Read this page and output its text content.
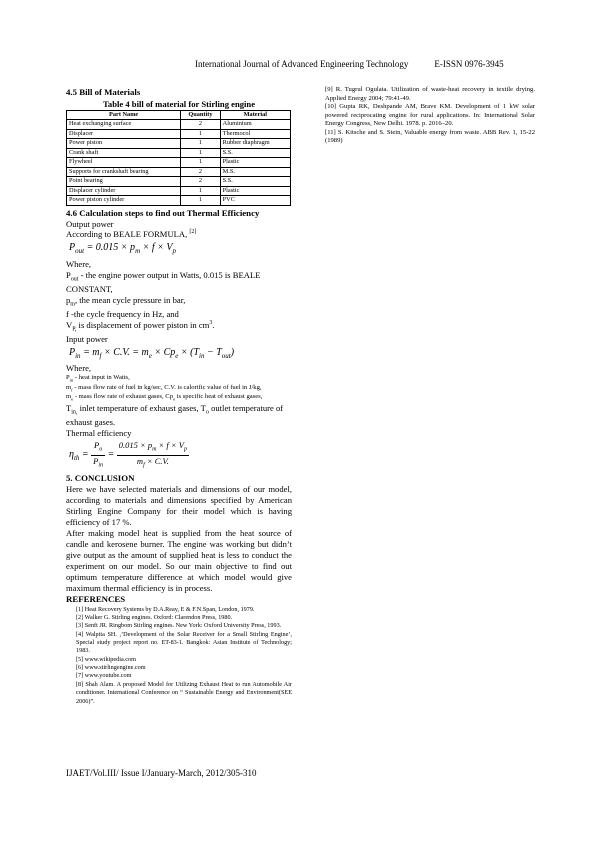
International Journal of Advanced Engineering Technology	E-ISSN 0976-3945
4.5 Bill of Materials
Table 4 bill of material for Stirling engine
Part Name	Quantity	Material
Heat exchanging surface	2	Aluminium
Displacer	1	Thermocol
Power piston	1	Rubber diaphragm
Crank shaft	1	S.S.
Flywheel	1	Plastic
Supports for crankshaft bearing	2	M.S.
Point bearing	2	S.S.
Displacer cylinder	1	Plastic
Power piston cylinder	1	PVC
4.6 Calculation steps to find out Thermal Efficiency

Output power

According to BEALE FORMULA, [2]

$P_{out} = 0.015 \times p_m \times f \times V_p$

Where,

$P_{out}$ - the engine power output in Watts, 0.015 is BEALE CONSTANT,

$p_m$, the mean cycle pressure in bar,

f -the cycle frequency in Hz, and

$V_{P,}$ is displacement of power piston in $cm^3$.

Input power

$P_{in} = m_f \times C.V$. = $m_e \times Cp_e \times (T_{in} - T_{out})$

Where,

$P_{in}$ - heat input in Watts,

$m_f$ - mass flow rate of fuel in kg/sec, C.V. is calorific value of fuel in J/kg,

$m_e$ - mass flow rate of exhaust gases, $Cp_e$ is specific heat of exhaust gases,

$T_{in,}$ inlet temperature of exhaust gases, $T_o$ outlet temperature of exhaust gases.

Thermal efficiency

$\eta_{th} = \frac{P_o}{P_{in}} = \frac{0.015 \times p_m \times f \times V_p}{m_f \times C.V.}$
5. CONCLUSION

Here we have selected materials and dimensions of our model, according to materials and dimensions specified by American Stirling Engine Company for their model which is having efficiency of 17 %.

After making model heat is supplied from the heat source of candle and kerosene burner. The engine was working but didn’t give output as the amount of supplied heat is less to conduct the experiment on our model. So our main objective to find out optimum temperature difference at which model would give maximum thermal efficiency is in process.

REFERENCES

[1] Heat Recovery Systems by D.A.Reay, E & F.N.Span, London, 1979.

[2] Walker G. Stirling engines. Oxford: Clarendon Press, 1980.

[3] Senft JR. Ringbom Stirling engines. New York: Oxford University Press, 1993.

[4] Walpita SH. ,’Development of the Solar Receiver for a Small Stirling Engine’, Special study project report no. ET-83-1. Bangkok: Asian Institute of Technology; 1983.

[5] www.wikipedia.com

[6] www.stirlingengine.com

[7] www.youtube.com

[8] Shah Alam. A proposed Model for Utilizing Exhaust Heat to run Automobile Air conditioner. International Conference on “ Sustainable Energy and Environment(SEE 2006)”.

[9] R. Tugrul Ogulata. Utilization of waste-heat recovery in textile drying. Applied Energy 2004; 79:41-49.

[10] Gupta RK, Deshpande AM, Brave KM. Development of 1 kW solar powered reciprocating engine for rural applications. In: International Solar Energy Congress, New Delhi. 1978. p. 2016–20.

[11] S. Kitsche and S. Stein, Valuable energy from waste. ABB Rev. 1, 15-22 (1989)

IJAET/Vol.III/ Issue I/January-March, 2012/305-310
